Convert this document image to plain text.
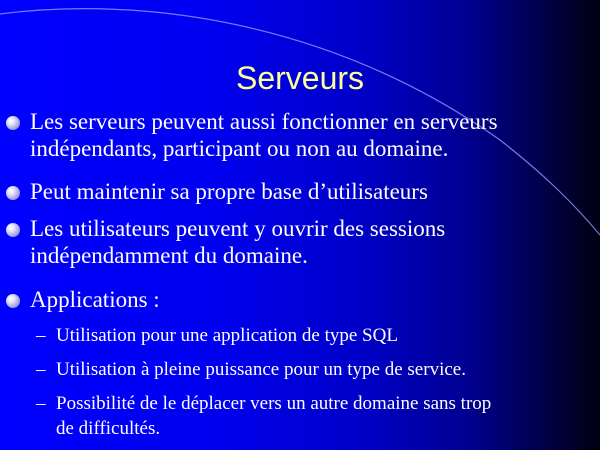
Serveurs
Les serveurs peuvent aussi fonctionner en serveurs
indépendants, participant ou non au domaine.
Peut maintenir sa propre base d’utilisateurs
Les utilisateurs peuvent y ouvrir des sessions
indépendamment du domaine.
Applications :
– Utilisation pour une application de type SQL
– Utilisation à pleine puissance pour un type de service.
– Possibilité de le déplacer vers un autre domaine sans trop
de difficultés.
